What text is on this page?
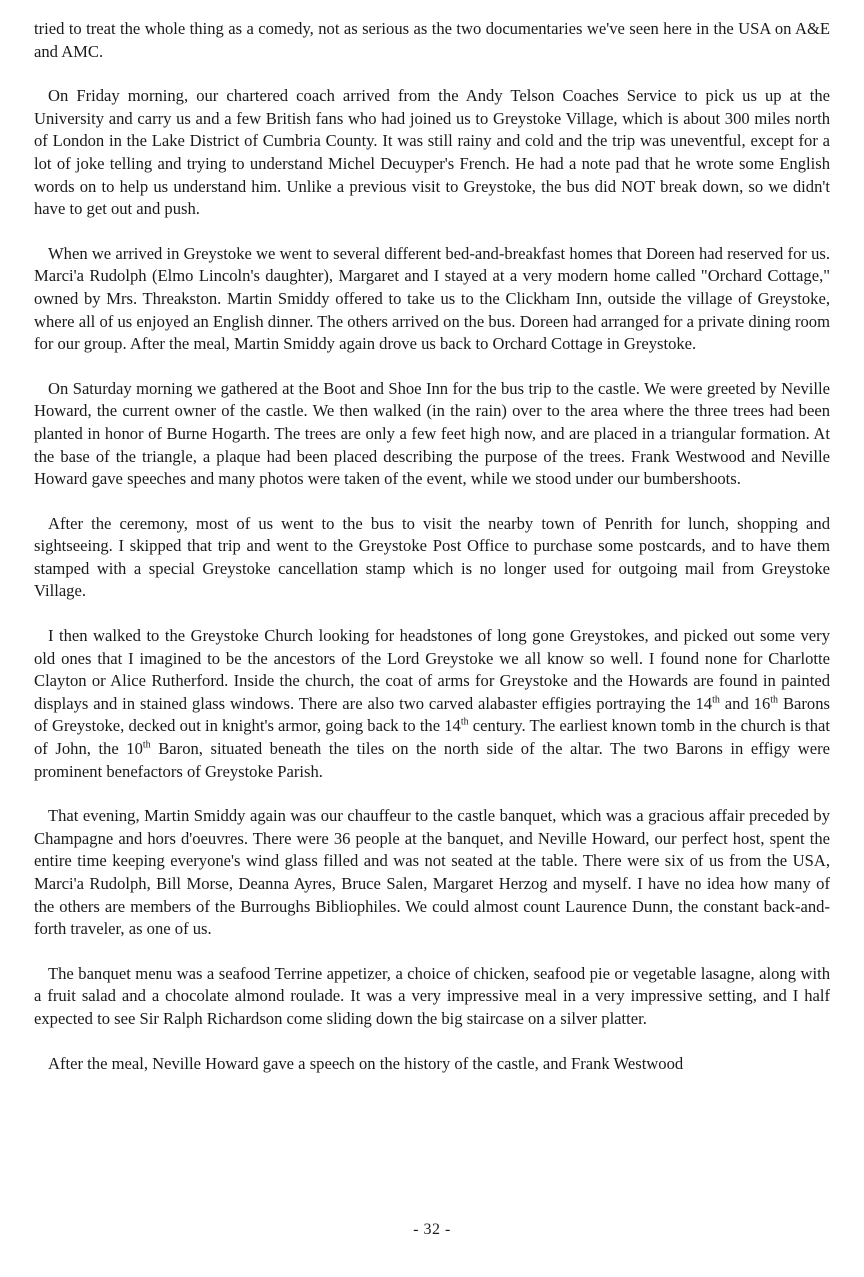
tried to treat the whole thing as a comedy, not as serious as the two documentaries we've seen here in the USA on A&E and AMC.

On Friday morning, our chartered coach arrived from the Andy Telson Coaches Service to pick us up at the University and carry us and a few British fans who had joined us to Greystoke Village, which is about 300 miles north of London in the Lake District of Cumbria County. It was still rainy and cold and the trip was uneventful, except for a lot of joke telling and trying to understand Michel Decuyper's French. He had a note pad that he wrote some English words on to help us understand him. Unlike a previous visit to Greystoke, the bus did NOT break down, so we didn't have to get out and push.

When we arrived in Greystoke we went to several different bed-and-breakfast homes that Doreen had reserved for us. Marci'a Rudolph (Elmo Lincoln's daughter), Margaret and I stayed at a very modern home called "Orchard Cottage," owned by Mrs. Threakston. Martin Smiddy offered to take us to the Clickham Inn, outside the village of Greystoke, where all of us enjoyed an English dinner. The others arrived on the bus. Doreen had arranged for a private dining room for our group. After the meal, Martin Smiddy again drove us back to Orchard Cottage in Greystoke.

On Saturday morning we gathered at the Boot and Shoe Inn for the bus trip to the castle. We were greeted by Neville Howard, the current owner of the castle. We then walked (in the rain) over to the area where the three trees had been planted in honor of Burne Hogarth. The trees are only a few feet high now, and are placed in a triangular formation. At the base of the triangle, a plaque had been placed describing the purpose of the trees. Frank Westwood and Neville Howard gave speeches and many photos were taken of the event, while we stood under our bumbershoots.

After the ceremony, most of us went to the bus to visit the nearby town of Penrith for lunch, shopping and sightseeing. I skipped that trip and went to the Greystoke Post Office to purchase some postcards, and to have them stamped with a special Greystoke cancellation stamp which is no longer used for outgoing mail from Greystoke Village.

I then walked to the Greystoke Church looking for headstones of long gone Greystokes, and picked out some very old ones that I imagined to be the ancestors of the Lord Greystoke we all know so well. I found none for Charlotte Clayton or Alice Rutherford. Inside the church, the coat of arms for Greystoke and the Howards are found in painted displays and in stained glass windows. There are also two carved alabaster effigies portraying the 14th and 16th Barons of Greystoke, decked out in knight's armor, going back to the 14th century. The earliest known tomb in the church is that of John, the 10th Baron, situated beneath the tiles on the north side of the altar. The two Barons in effigy were prominent benefactors of Greystoke Parish.

That evening, Martin Smiddy again was our chauffeur to the castle banquet, which was a gracious affair preceded by Champagne and hors d'oeuvres. There were 36 people at the banquet, and Neville Howard, our perfect host, spent the entire time keeping everyone's wind glass filled and was not seated at the table. There were six of us from the USA, Marci'a Rudolph, Bill Morse, Deanna Ayres, Bruce Salen, Margaret Herzog and myself. I have no idea how many of the others are members of the Burroughs Bibliophiles. We could almost count Laurence Dunn, the constant back-and-forth traveler, as one of us.

The banquet menu was a seafood Terrine appetizer, a choice of chicken, seafood pie or vegetable lasagne, along with a fruit salad and a chocolate almond roulade. It was a very impressive meal in a very impressive setting, and I half expected to see Sir Ralph Richardson come sliding down the big staircase on a silver platter.

After the meal, Neville Howard gave a speech on the history of the castle, and Frank Westwood

- 32 -
